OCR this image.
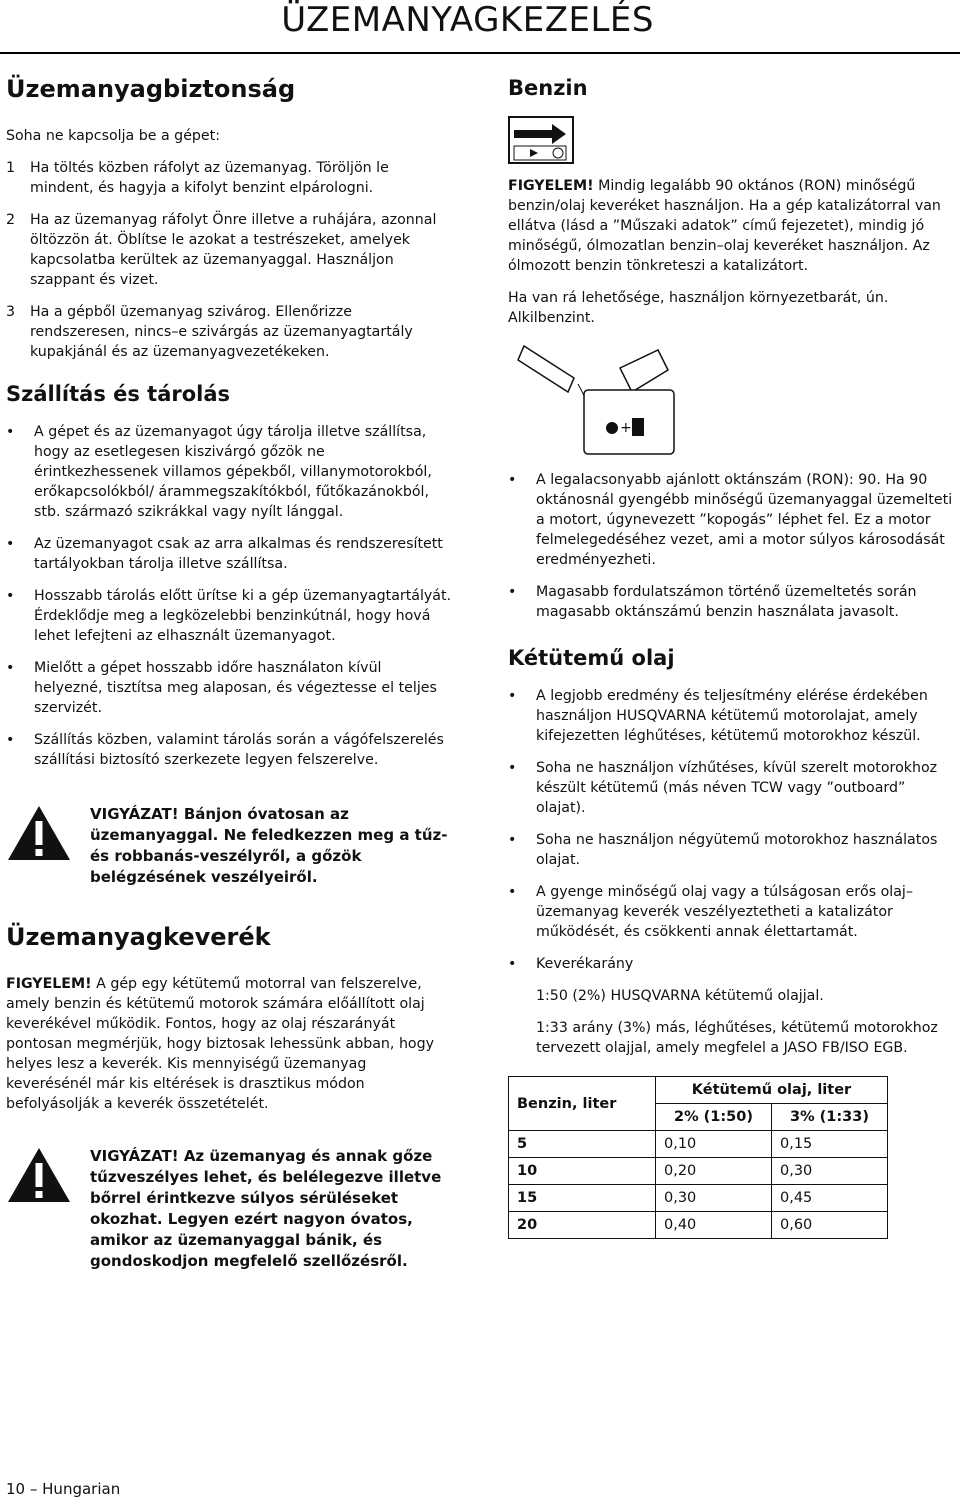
ÜZEMANYAGKEZELÉS
Üzemanyagbiztonság

Soha ne kapcsolja be a gépet:

1	Ha töltés közben ráfolyt az üzemanyag. Töröljön le mindent, és hagyja a kifolyt benzint elpárologni.
2	Ha az üzemanyag ráfolyt Önre illetve a ruhájára, azonnal öltözzön át. Öblítse le azokat a testrészeket, amelyek kapcsolatba kerültek az üzemanyaggal. Használjon szappant és vizet.
3	Ha a gépből üzemanyag szivárog. Ellenőrizze rendszeresen, nincs–e szivárgás az üzemanyagtartály kupakjánál és az üzemanyagvezetékeken.
Szállítás és tárolás
•	A gépet és az üzemanyagot úgy tárolja illetve szállítsa, hogy az esetlegesen kiszivárgó gőzök ne érintkezhessenek villamos gépekből, villanymotorokból, erőkapcsolókból/ árammegszakítókból, fűtőkazánokból, stb. származó szikrákkal vagy nyílt lánggal.
•	Az üzemanyagot csak az arra alkalmas és rendszeresített tartályokban tárolja illetve szállítsa.
•	Hosszabb tárolás előtt ürítse ki a gép üzemanyagtartályát. Érdeklődje meg a legközelebbi benzinkútnál, hogy hová lehet lefejteni az elhasznált üzemanyagot.
•	Mielőtt a gépet hosszabb időre használaton kívül helyezné, tisztítsa meg alaposan, és végeztesse el teljes szervizét.
•	Szállítás közben, valamint tárolás során a vágófelszerelés szállítási biztosító szerkezete legyen felszerelve.
VIGYÁZAT! Bánjon óvatosan az üzemanyaggal. Ne feledkezzen meg a tűz- és robbanás-veszélyről, a gőzök belégzésének veszélyeiről.
Üzemanyagkeverék

FIGYELEM! A gép egy kétütemű motorral van felszerelve, amely benzin és kétütemű motorok számára előállított olaj keverékével működik. Fontos, hogy az olaj részarányát pontosan megmérjük, hogy biztosak lehessünk abban, hogy helyes lesz a keverék. Kis mennyiségű üzemanyag keverésénél már kis eltérések is drasztikus módon befolyásolják a keverék összetételét.

VIGYÁZAT! Az üzemanyag és annak gőze tűzveszélyes lehet, és belélegezve illetve bőrrel érintkezve súlyos sérüléseket okozhat. Legyen ezért nagyon óvatos, amikor az üzemanyaggal bánik, és gondoskodjon megfelelő szellőzésről.
Benzin

FIGYELEM! Mindig legalább 90 oktános (RON) minőségű benzin/olaj keveréket használjon. Ha a gép katalizátorral van ellátva (lásd a ”Műszaki adatok” című fejezetet), mindig jó minőségű, ólmozatlan benzin–olaj keveréket használjon. Az ólmozott benzin tönkreteszi a katalizátort.

Ha van rá lehetősége, használjon környezetbarát, ún. Alkilbenzint.

+
•	A legalacsonyabb ajánlott oktánszám (RON): 90. Ha 90 oktánosnál gyengébb minőségű üzemanyaggal üzemelteti a motort, úgynevezett ”kopogás” léphet fel. Ez a motor felmelegedéséhez vezet, ami a motor súlyos károsodását eredményezheti.
•	Magasabb fordulatszámon történő üzemeltetés során magasabb oktánszámú benzin használata javasolt.
Kétütemű olaj
•	A legjobb eredmény és teljesítmény elérése érdekében használjon HUSQVARNA kétütemű motorolajat, amely kifejezetten léghűtéses, kétütemű motorokhoz készül.
•	Soha ne használjon vízhűtéses, kívül szerelt motorokhoz készült kétütemű (más néven TCW vagy ”outboard” olajat).
•	Soha ne használjon négyütemű motorokhoz használatos olajat.
•	A gyenge minőségű olaj vagy a túlságosan erős olaj– üzemanyag keverék veszélyeztetheti a katalizátor működését, és csökkenti annak élettartamát.
•	Keverékarány

1:50 (2%) HUSQVARNA kétütemű olajjal.

1:33 arány (3%) más, léghűtéses, kétütemű motorokhoz tervezett olajjal, amely megfelel a JASO FB/ISO EGB.

Benzin, liter	Kétütemű olaj, liter	
	2% (1:50)	3% (1:33)
5	0,10	0,15
10	0,20	0,30
15	0,30	0,45
20	0,40	0,60
10 – Hungarian
